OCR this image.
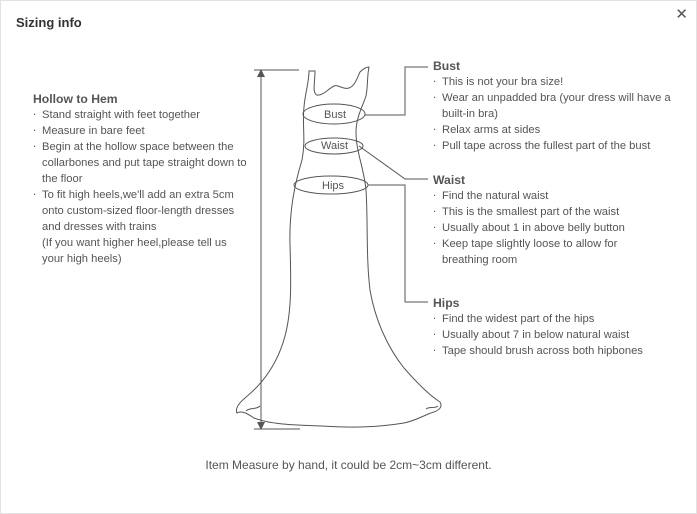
Sizing info	✕
Bust
Waist
Hips
Hollow to Hem
. Stand straight with feet together
. Measure in bare feet
. Begin at the hollow space between the collarbones and put tape straight down to the floor
. To fit high heels,we'll add an extra 5cm onto custom-sized floor-length dresses and dresses with trains
(If you want higher heel,please tell us your high heels)
Bust
. This is not your bra size!
. Wear an unpadded bra (your dress will have a built-in bra)
. Relax arms at sides
. Pull tape across the fullest part of the bust
Waist
. Find the natural waist
. This is the smallest part of the waist
. Usually about 1 in above belly button
. Keep tape slightly loose to allow for breathing room
Hips
. Find the widest part of the hips
. Usually about 7 in below natural waist
. Tape should brush across both hipbones
Item Measure by hand, it could be 2cm~3cm different.
